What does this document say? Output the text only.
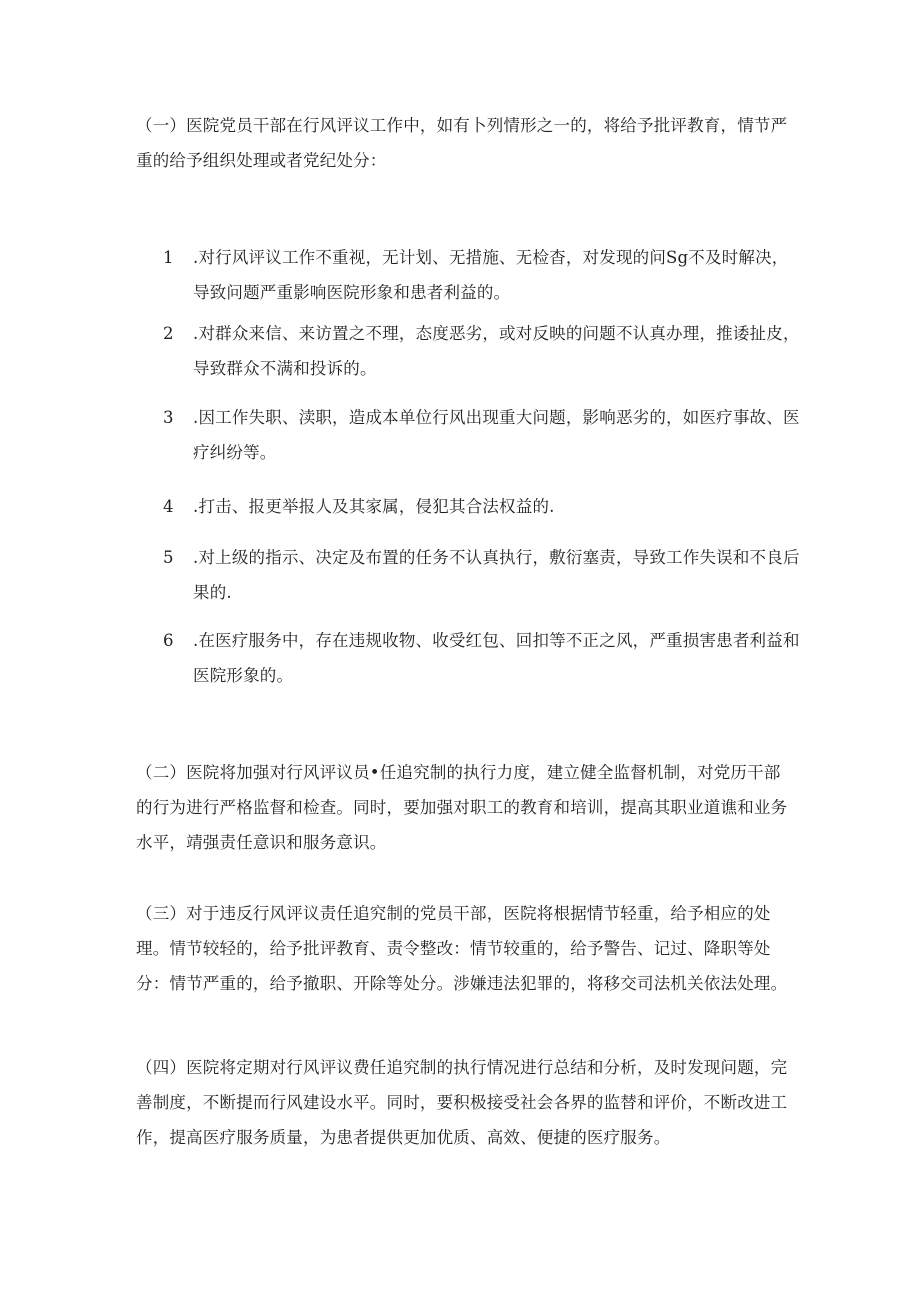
（一）医院党员干部在行风评议工作中，如有卜列情形之一的，将给予批评教育，情节严重的给予组织处理或者党纪处分：

1	.对行风评议工作不重视，无计划、无措施、无检杳，对发现的问Sg不及时解决，导致问题严重影响医院形象和患者利益的。
2	.对群众来信、来访置之不理，态度恶劣，或对反映的问题不认真办理，推诿扯皮，导致群众不满和投诉的。
3	.因工作失职、渎职，造成本单位行风出现重大问题，影响恶劣的，如医疗事故、医疗纠纷等。
4	.打击、报更举报人及其家属，侵犯其合法权益的.
5	.对上级的指示、决定及布置的任务不认真执行，敷衍塞责，导致工作失误和不良后果的.
6	.在医疗服务中，存在违规收物、收受红包、回扣等不正之风，严重损害患者利益和医院形象的。

（二）医院将加强对行风评议员•任追究制的执行力度，建立健全监督机制，对党历干部的行为进行严格监督和检查。同时，要加强对职工的教育和培训，提高其职业道谯和业务水平，靖强责任意识和服务意识。

（三）对于违反行风评议责任追究制的党员干部，医院将根据情节轻重，给予相应的处理。情节较轻的，给予批评教育、责令整改：情节较重的，给予警告、记过、降职等处分：情节严重的，给予撤职、开除等处分。涉嫌违法犯罪的，将移交司法机关依法处理。

（四）医院将定期对行风评议费任追究制的执行情况进行总结和分析，及时发现问题，完善制度，不断提而行风建设水平。同时，要积极接受社会各界的监替和评价，不断改进工作，提高医疗服务质量，为患者提供更加优质、高效、便捷的医疗服务。
